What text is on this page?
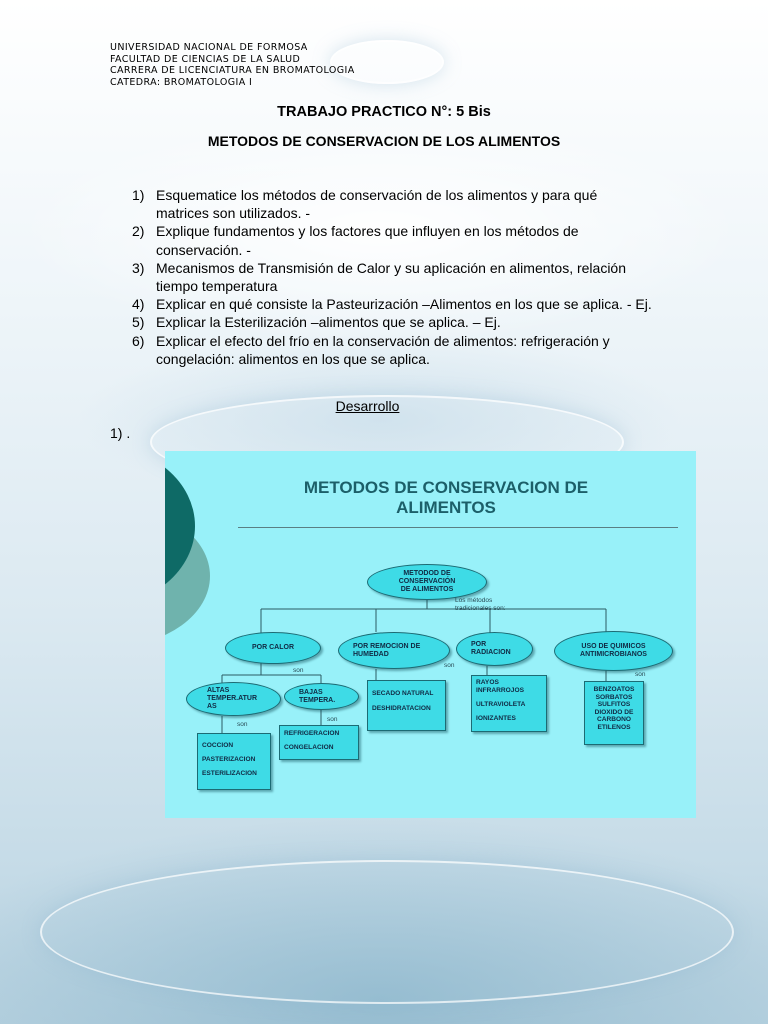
UNIVERSIDAD NACIONAL DE FORMOSA
FACULTAD DE CIENCIAS DE LA SALUD
CARRERA DE LICENCIATURA EN BROMATOLOGIA
CATEDRA: BROMATOLOGIA I
TRABAJO PRACTICO N°: 5 Bis
METODOS DE CONSERVACION DE LOS ALIMENTOS
1) Esquematice los métodos de conservación de los alimentos y para qué matrices son utilizados. -
2) Explique fundamentos y los factores que influyen en los métodos de conservación. -
3) Mecanismos de Transmisión de Calor y su aplicación en alimentos, relación tiempo temperatura
4) Explicar en qué consiste la Pasteurización –Alimentos en los que se aplica. - Ej.
5) Explicar la Esterilización –alimentos que se aplica. – Ej.
6) Explicar el efecto del frío en la conservación de alimentos: refrigeración y congelación: alimentos en los que se aplica.
Desarrollo
1) .
METODOS DE CONSERVACION DE
ALIMENTOS
METODOD DE
CONSERVACIÓN
DE ALIMENTOS
Los métodos
tradicionales son:
POR CALOR	POR REMOCION DE
HUMEDAD
POR
RADIACION
USO DE QUIMICOS
ANTIMICROBIANOS
son
son
son
ALTAS
TEMPER.ATUR
AS
BAJAS
TEMPERA.
son
son
COCCION
PASTERIZACION
ESTERILIZACION
REFRIGERACION
CONGELACION
SECADO NATURAL
DESHIDRATACION
RAYOS
INFRARROJOS
ULTRAVIOLETA
IONIZANTES
BENZOATOS
SORBATOS
SULFITOS
DIOXIDO DE
CARBONO
ETILENOS
